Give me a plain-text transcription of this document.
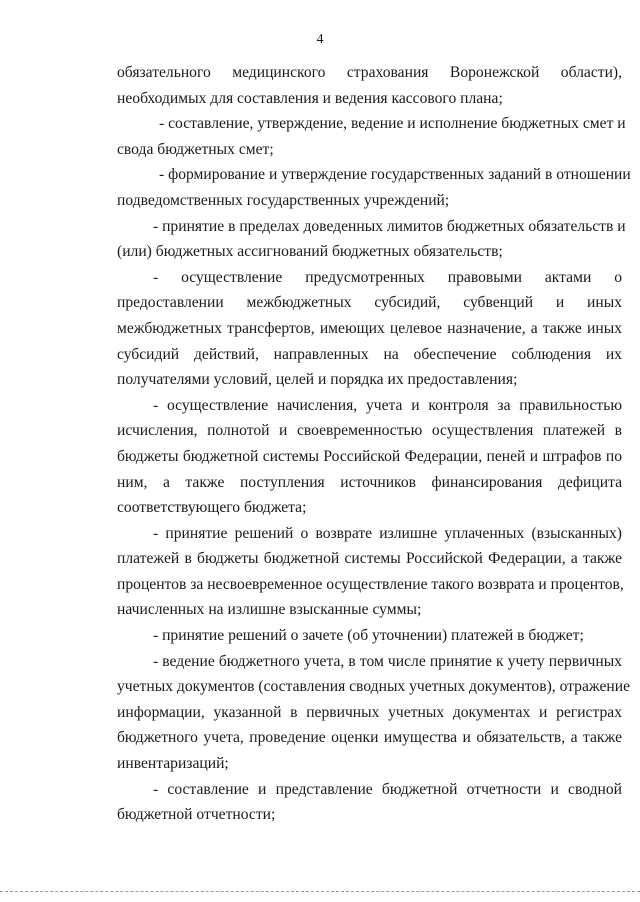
4
обязательного медицинского страхования Воронежской области),
необходимых для составления и ведения кассового плана;
- составление, утверждение, ведение и исполнение бюджетных смет и
свода бюджетных смет;
- формирование и утверждение государственных заданий в отношении
подведомственных государственных учреждений;
- принятие в пределах доведенных лимитов бюджетных обязательств и
(или) бюджетных ассигнований бюджетных обязательств;
- осуществление предусмотренных правовыми актами о
предоставлении межбюджетных субсидий, субвенций и иных
межбюджетных трансфертов, имеющих целевое назначение, а также иных
субсидий действий, направленных на обеспечение соблюдения их
получателями условий, целей и порядка их предоставления;
- осуществление начисления, учета и контроля за правильностью
исчисления, полнотой и своевременностью осуществления платежей в
бюджеты бюджетной системы Российской Федерации, пеней и штрафов по
ним, а также поступления источников финансирования дефицита
соответствующего бюджета;
- принятие решений о возврате излишне уплаченных (взысканных)
платежей в бюджеты бюджетной системы Российской Федерации, а также
процентов за несвоевременное осуществление такого возврата и процентов,
начисленных на излишне взысканные суммы;
- принятие решений о зачете (об уточнении) платежей в бюджет;
- ведение бюджетного учета, в том числе принятие к учету первичных
учетных документов (составления сводных учетных документов), отражение
информации, указанной в первичных учетных документах и регистрах
бюджетного учета, проведение оценки имущества и обязательств, а также
инвентаризаций;
- составление и представление бюджетной отчетности и сводной
бюджетной отчетности;
